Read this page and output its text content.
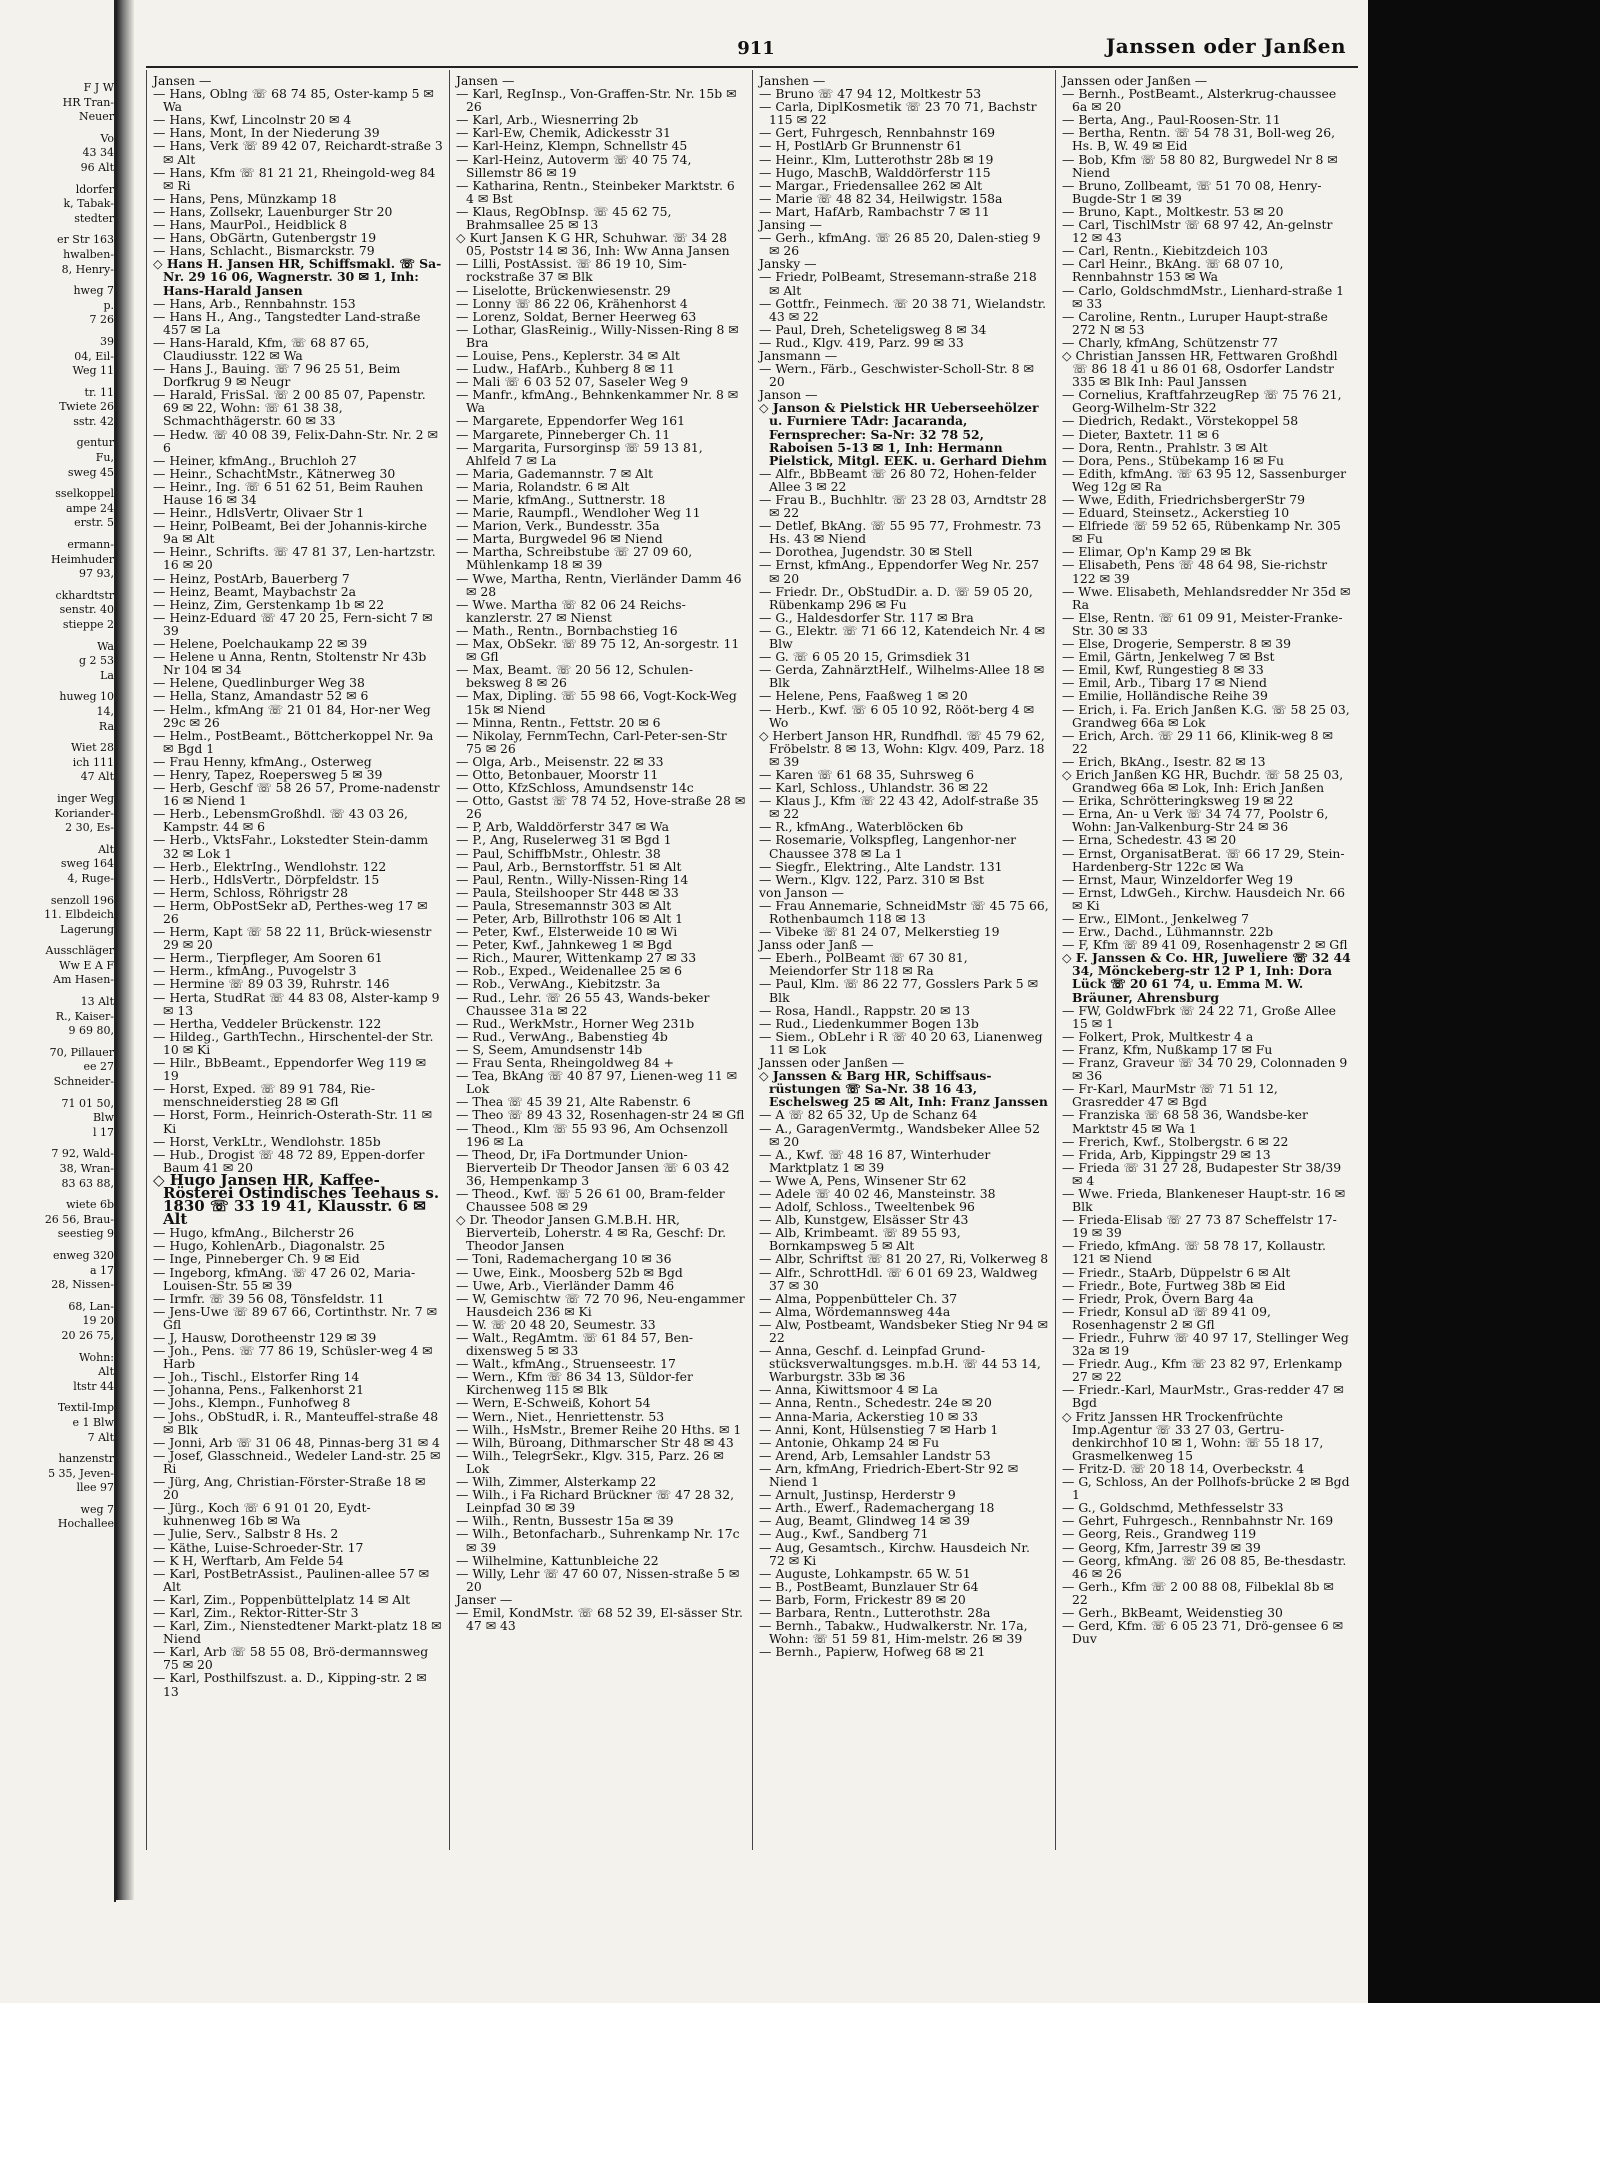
F J W
HR Tran-
Neuer
Vo
43 34
96 Alt
ldorfer
k, Tabak-
stedter
er Str 163
hwalben-
8, Henry-
hweg 7
p.
7 26
39
04, Eil-
Weg 11
tr. 11
Twiete 26
sstr. 42
gentur
Fu,
sweg 45
sselkoppel
ampe 24
erstr. 5
ermann-
Heimhuder
97 93,
ckhardtstr
senstr. 40
stieppe 2
Wa
g 2 53
La
huweg 10
14,
Ra
Wiet 28
ich 111
47 Alt
inger Weg
Koriander-
2 30, Es-
Alt
sweg 164
4, Ruge-
senzoll 196
11. Elbdeich
Lagerung
Ausschläger
Ww E A F
Am Hasen-
13 Alt
R., Kaiser-
9 69 80,
70, Pillauer
ee 27
Schneider-
71 01 50,
Blw
l 17
7 92, Wald-
38, Wran-
83 63 88,
wiete 6b
26 56, Brau-
seestieg 9
enweg 320
a 17
28, Nissen-
68, Lan-
19 20
20 26 75,
Wohn:
Alt
ltstr 44
Textil-Imp
e 1 Blw
7 Alt
hanzenstr
5 35, Jeven-
llee 97
weg 7
Hochallee
911	Janssen oder Janßen

Jansen —

— Hans, Oblng ☏ 68 74 85, Oster-kamp 5 ✉ Wa

— Hans, Kwf, Lincolnstr 20 ✉ 4

— Hans, Mont, In der Niederung 39

— Hans, Verk ☏ 89 42 07, Reichardt-straße 3 ✉ Alt

— Hans, Kfm ☏ 81 21 21, Rheingold-weg 84 ✉ Ri

— Hans, Pens, Münzkamp 18

— Hans, Zollsekr, Lauenburger Str 20

— Hans, MaurPol., Heidblick 8

— Hans, ObGärtn, Gutenbergstr 19

— Hans, Schlacht., Bismarckstr. 79

◇ Hans H. Jansen HR, Schiffsmakl. ☏ Sa-Nr. 29 16 06, Wagnerstr. 30 ✉ 1, Inh: Hans-Harald Jansen

— Hans, Arb., Rennbahnstr. 153

— Hans H., Ang., Tangstedter Land-straße 457 ✉ La

— Hans-Harald, Kfm, ☏ 68 87 65, Claudiusstr. 122 ✉ Wa

— Hans J., Bauing. ☏ 7 96 25 51, Beim Dorfkrug 9 ✉ Neugr

— Harald, FrisSal. ☏ 2 00 85 07, Papenstr. 69 ✉ 22, Wohn: ☏ 61 38 38, Schmachthägerstr. 60 ✉ 33

— Hedw. ☏ 40 08 39, Felix-Dahn-Str. Nr. 2 ✉ 6

— Heiner, kfmAng., Bruchloh 27

— Heinr., SchachtMstr., Kätnerweg 30

— Heinr., Ing. ☏ 6 51 62 51, Beim Rauhen Hause 16 ✉ 34

— Heinr., HdlsVertr, Olivaer Str 1

— Heinr, PolBeamt, Bei der Johannis-kirche 9a ✉ Alt

— Heinr., Schrifts. ☏ 47 81 37, Len-hartzstr. 16 ✉ 20

— Heinz, PostArb, Bauerberg 7

— Heinz, Beamt, Maybachstr 2a

— Heinz, Zim, Gerstenkamp 1b ✉ 22

— Heinz-Eduard ☏ 47 20 25, Fern-sicht 7 ✉ 39

— Helene, Poelchaukamp 22 ✉ 39

— Helene u Anna, Rentn, Stoltenstr Nr 43b Nr 104 ✉ 34

— Helene, Quedlinburger Weg 38

— Hella, Stanz, Amandastr 52 ✉ 6

— Helm., kfmAng ☏ 21 01 84, Hor-ner Weg 29c ✉ 26

— Helm., PostBeamt., Böttcherkoppel Nr. 9a ✉ Bgd 1

— Frau Henny, kfmAng., Osterweg

— Henry, Tapez, Roepersweg 5 ✉ 39

— Herb, Geschf ☏ 58 26 57, Prome-nadenstr 16 ✉ Niend 1

— Herb., LebensmGroßhdl. ☏ 43 03 26, Kampstr. 44 ✉ 6

— Herb., VktsFahr., Lokstedter Stein-damm 32 ✉ Lok 1

— Herb., ElektrIng., Wendlohstr. 122

— Herb., HdlsVertr., Dörpfeldstr. 15

— Herm, Schloss, Röhrigstr 28

— Herm, ObPostSekr aD, Perthes-weg 17 ✉ 26

— Herm, Kapt ☏ 58 22 11, Brück-wiesenstr 29 ✉ 20

— Herm., Tierpfleger, Am Sooren 61

— Herm., kfmAng., Puvogelstr 3

— Hermine ☏ 89 03 39, Ruhrstr. 146

— Herta, StudRat ☏ 44 83 08, Alster-kamp 9 ✉ 13

— Hertha, Veddeler Brückenstr. 122

— Hildeg., GarthTechn., Hirschentel-der Str. 10 ✉ Ki

— Hilr., BbBeamt., Eppendorfer Weg 119 ✉ 19

— Horst, Exped. ☏ 89 91 784, Rie-menschneiderstieg 28 ✉ Gfl

— Horst, Form., Heinrich-Osterath-Str. 11 ✉ Ki

— Horst, VerkLtr., Wendlohstr. 185b

— Hub., Drogist ☏ 48 72 89, Eppen-dorfer Baum 41 ✉ 20

◇ Hugo Jansen HR, Kaffee-Rösterei Ostindisches Teehaus s. 1830 ☏ 33 19 41, Klausstr. 6 ✉ Alt

— Hugo, kfmAng., Bilcherstr 26

— Hugo, KohlenArb., Diagonalstr. 25

— Inge, Pinneberger Ch. 9 ✉ Eid

— Ingeborg, kfmAng. ☏ 47 26 02, Maria-Louisen-Str. 55 ✉ 39

— Irmfr. ☏ 39 56 08, Tönsfeldstr. 11

— Jens-Uwe ☏ 89 67 66, Cortinthstr. Nr. 7 ✉ Gfl

— J, Hausw, Dorotheenstr 129 ✉ 39

— Joh., Pens. ☏ 77 86 19, Schüsler-weg 4 ✉ Harb

— Joh., Tischl., Elstorfer Ring 14

— Johanna, Pens., Falkenhorst 21

— Johs., Klempn., Funhofweg 8

— Johs., ObStudR, i. R., Manteuffel-straße 48 ✉ Blk

— Jonni, Arb ☏ 31 06 48, Pinnas-berg 31 ✉ 4

— Josef, Glasschneid., Wedeler Land-str. 25 ✉ Ri

— Jürg, Ang, Christian-Förster-Straße 18 ✉ 20

— Jürg., Koch ☏ 6 91 01 20, Eydt-kuhnenweg 16b ✉ Wa

— Julie, Serv., Salbstr 8 Hs. 2

— Käthe, Luise-Schroeder-Str. 17

— K H, Werftarb, Am Felde 54

— Karl, PostBetrAssist., Paulinen-allee 57 ✉ Alt

— Karl, Zim., Poppenbüttelplatz 14 ✉ Alt

— Karl, Zim., Rektor-Ritter-Str 3

— Karl, Zim., Nienstedtener Markt-platz 18 ✉ Niend

— Karl, Arb ☏ 58 55 08, Brö-dermannsweg 75 ✉ 20

— Karl, Posthilfszust. a. D., Kipping-str. 2 ✉ 13

Jansen —

— Karl, RegInsp., Von-Graffen-Str. Nr. 15b ✉ 26

— Karl, Arb., Wiesnerring 2b

— Karl-Ew, Chemik, Adickesstr 31

— Karl-Heinz, Klempn, Schnellstr 45

— Karl-Heinz, Autoverm ☏ 40 75 74, Sillemstr 86 ✉ 19

— Katharina, Rentn., Steinbeker Marktstr. 6 4 ✉ Bst

— Klaus, RegObInsp. ☏ 45 62 75, Brahmsallee 25 ✉ 13

◇ Kurt Jansen K G HR, Schuhwar. ☏ 34 28 05, Poststr 14 ✉ 36, Inh: Ww Anna Jansen

— Lilli, PostAssist. ☏ 86 19 10, Sim-rockstraße 37 ✉ Blk

— Liselotte, Brückenwiesenstr. 29

— Lonny ☏ 86 22 06, Krähenhorst 4

— Lorenz, Soldat, Berner Heerweg 63

— Lothar, GlasReinig., Willy-Nissen-Ring 8 ✉ Bra

— Louise, Pens., Keplerstr. 34 ✉ Alt

— Ludw., HafArb., Kuhberg 8 ✉ 11

— Mali ☏ 6 03 52 07, Saseler Weg 9

— Manfr., kfmAng., Behnkenkammer Nr. 8 ✉ Wa

— Margarete, Eppendorfer Weg 161

— Margarete, Pinneberger Ch. 11

— Margarita, Fursorginsp ☏ 59 13 81, Ahlfeld 7 ✉ La

— Maria, Gademannstr. 7 ✉ Alt

— Maria, Rolandstr. 6 ✉ Alt

— Marie, kfmAng., Suttnerstr. 18

— Marie, Raumpfl., Wendloher Weg 11

— Marion, Verk., Bundesstr. 35a

— Marta, Burgwedel 96 ✉ Niend

— Martha, Schreibstube ☏ 27 09 60, Mühlenkamp 18 ✉ 39

— Wwe, Martha, Rentn, Vierländer Damm 46 ✉ 28

— Wwe. Martha ☏ 82 06 24 Reichs-kanzlerstr. 27 ✉ Nienst

— Math., Rentn., Bornbachstieg 16

— Max, ObSekr. ☏ 89 75 12, An-sorgestr. 11 ✉ Gfl

— Max, Beamt. ☏ 20 56 12, Schulen-beksweg 8 ✉ 26

— Max, Dipling. ☏ 55 98 66, Vogt-Kock-Weg 15k ✉ Niend

— Minna, Rentn., Fettstr. 20 ✉ 6

— Nikolay, FernmTechn, Carl-Peter-sen-Str 75 ✉ 26

— Olga, Arb., Meisenstr. 22 ✉ 33

— Otto, Betonbauer, Moorstr 11

— Otto, KfzSchloss, Amundsenstr 14c

— Otto, Gastst ☏ 78 74 52, Hove-straße 28 ✉ 26

— P, Arb, Walddörferstr 347 ✉ Wa

— P., Ang, Ruselerweg 31 ✉ Bgd 1

— Paul, SchiffbMstr., Ohlestr. 38

— Paul, Arb., Bernstorffstr. 51 ✉ Alt

— Paul, Rentn., Willy-Nissen-Ring 14

— Paula, Steilshooper Str 448 ✉ 33

— Paula, Stresemannstr 303 ✉ Alt

— Peter, Arb, Billrothstr 106 ✉ Alt 1

— Peter, Kwf., Elsterweide 10 ✉ Wi

— Peter, Kwf., Jahnkeweg 1 ✉ Bgd

— Rich., Maurer, Wittenkamp 27 ✉ 33

— Rob., Exped., Weidenallee 25 ✉ 6

— Rob., VerwAng., Kiebitzstr. 3a

— Rud., Lehr. ☏ 26 55 43, Wands-beker Chaussee 31a ✉ 22

— Rud., WerkMstr., Horner Weg 231b

— Rud., VerwAng., Babenstieg 4b

— S, Seem, Amundsenstr 14b

— Frau Senta, Rheingoldweg 84 +

— Tea, BkAng ☏ 40 87 97, Lienen-weg 11 ✉ Lok

— Thea ☏ 45 39 21, Alte Rabenstr. 6

— Theo ☏ 89 43 32, Rosenhagen-str 24 ✉ Gfl

— Theod., Klm ☏ 55 93 96, Am Ochsenzoll 196 ✉ La

— Theod, Dr, iFa Dortmunder Union-Bierverteib Dr Theodor Jansen ☏ 6 03 42 36, Hempenkamp 3

— Theod., Kwf. ☏ 5 26 61 00, Bram-felder Chaussee 508 ✉ 29

◇ Dr. Theodor Jansen G.M.B.H. HR, Bierverteib, Loherstr. 4 ✉ Ra, Geschf: Dr. Theodor Jansen

— Toni, Rademachergang 10 ✉ 36

— Uwe, Eink., Moosberg 52b ✉ Bgd

— Uwe, Arb., Vierländer Damm 46

— W, Gemischtw ☏ 72 70 96, Neu-engammer Hausdeich 236 ✉ Ki

— W. ☏ 20 48 20, Seumestr. 33

— Walt., RegAmtm. ☏ 61 84 57, Ben-dixensweg 5 ✉ 33

— Walt., kfmAng., Struenseestr. 17

— Wern., Kfm ☏ 86 34 13, Süldor-fer Kirchenweg 115 ✉ Blk

— Wern, E-Schweiß, Kohort 54

— Wern., Niet., Henriettenstr. 53

— Wilh., HsMstr., Bremer Reihe 20 Hths. ✉ 1

— Wilh, Büroang, Dithmarscher Str 48 ✉ 43

— Wilh., TelegrSekr., Klgv. 315, Parz. 26 ✉ Lok

— Wilh, Zimmer, Alsterkamp 22

— Wilh., i Fa Richard Brückner ☏ 47 28 32, Leinpfad 30 ✉ 39

— Wilh., Rentn, Bussestr 15a ✉ 39

— Wilh., Betonfacharb., Suhrenkamp Nr. 17c ✉ 39

— Wilhelmine, Kattunbleiche 22

— Willy, Lehr ☏ 47 60 07, Nissen-straße 5 ✉ 20

Janser —

— Emil, KondMstr. ☏ 68 52 39, El-sässer Str. 47 ✉ 43

Janshen —

— Bruno ☏ 47 94 12, Moltkestr 53

— Carla, DiplKosmetik ☏ 23 70 71, Bachstr 115 ✉ 22

— Gert, Fuhrgesch, Rennbahnstr 169

— H, PostlArb Gr Brunnenstr 61

— Heinr., Klm, Lutterothstr 28b ✉ 19

— Hugo, MaschB, Walddörferstr 115

— Margar., Friedensallee 262 ✉ Alt

— Marie ☏ 48 82 34, Heilwigstr. 158a

— Mart, HafArb, Rambachstr 7 ✉ 11

Jansing —

— Gerh., kfmAng. ☏ 26 85 20, Dalen-stieg 9 ✉ 26

Jansky —

— Friedr, PolBeamt, Stresemann-straße 218 ✉ Alt

— Gottfr., Feinmech. ☏ 20 38 71, Wielandstr. 43 ✉ 22

— Paul, Dreh, Scheteligsweg 8 ✉ 34

— Rud., Klgv. 419, Parz. 99 ✉ 33

Jansmann —

— Wern., Färb., Geschwister-Scholl-Str. 8 ✉ 20

Janson —

◇ Janson & Pielstick HR Ueberseehölzer u. Furniere TAdr: Jacaranda, Fernsprecher: Sa-Nr: 32 78 52, Raboisen 5-13 ✉ 1, Inh: Hermann Pielstick, Mitgl. EEK. u. Gerhard Diehm

— Alfr., BbBeamt ☏ 26 80 72, Hohen-felder Allee 3 ✉ 22

— Frau B., Buchhltr. ☏ 23 28 03, Arndtstr 28 ✉ 22

— Detlef, BkAng. ☏ 55 95 77, Frohmestr. 73 Hs. 43 ✉ Niend

— Dorothea, Jugendstr. 30 ✉ Stell

— Ernst, kfmAng., Eppendorfer Weg Nr. 257 ✉ 20

— Friedr. Dr., ObStudDir. a. D. ☏ 59 05 20, Rübenkamp 296 ✉ Fu

— G., Haldesdorfer Str. 117 ✉ Bra

— G., Elektr. ☏ 71 66 12, Katendeich Nr. 4 ✉ Blw

— G. ☏ 6 05 20 15, Grimsdiek 31

— Gerda, ZahnärztHelf., Wilhelms-Allee 18 ✉ Blk

— Helene, Pens, Faaßweg 1 ✉ 20

— Herb., Kwf. ☏ 6 05 10 92, Rööt-berg 4 ✉ Wo

◇ Herbert Janson HR, Rundfhdl. ☏ 45 79 62, Fröbelstr. 8 ✉ 13, Wohn: Klgv. 409, Parz. 18 ✉ 39

— Karen ☏ 61 68 35, Suhrsweg 6

— Karl, Schloss., Uhlandstr. 36 ✉ 22

— Klaus J., Kfm ☏ 22 43 42, Adolf-straße 35 ✉ 22

— R., kfmAng., Waterblöcken 6b

— Rosemarie, Volkspfleg, Langenhor-ner Chaussee 378 ✉ La 1

— Siegfr., Elektring., Alte Landstr. 131

— Wern., Klgv. 122, Parz. 310 ✉ Bst

von Janson —

— Frau Annemarie, SchneidMstr ☏ 45 75 66, Rothenbaumch 118 ✉ 13

— Vibeke ☏ 81 24 07, Melkerstieg 19

Janss oder Janß —

— Eberh., PolBeamt ☏ 67 30 81, Meiendorfer Str 118 ✉ Ra

— Paul, Klm. ☏ 86 22 77, Gosslers Park 5 ✉ Blk

— Rosa, Handl., Rappstr. 20 ✉ 13

— Rud., Liedenkummer Bogen 13b

— Siem., ObLehr i R ☏ 40 20 63, Lianenweg 11 ✉ Lok

Janssen oder Janßen —

◇ Janssen & Barg HR, Schiffsaus-rüstungen ☏ Sa-Nr. 38 16 43, Eschelsweg 25 ✉ Alt, Inh: Franz Janssen

— A ☏ 82 65 32, Up de Schanz 64

— A., GaragenVermtg., Wandsbeker Allee 52 ✉ 20

— A., Kwf. ☏ 48 16 87, Winterhuder Marktplatz 1 ✉ 39

— Wwe A, Pens, Winsener Str 62

— Adele ☏ 40 02 46, Mansteinstr. 38

— Adolf, Schloss., Tweeltenbek 96

— Alb, Kunstgew, Elsässer Str 43

— Alb, Krimbeamt. ☏ 89 55 93, Bornkampsweg 5 ✉ Alt

— Albr, Schriftst ☏ 81 20 27, Ri, Volkerweg 8

— Alfr., SchrottHdl. ☏ 6 01 69 23, Waldweg 37 ✉ 30

— Alma, Poppenbütteler Ch. 37

— Alma, Wördemannsweg 44a

— Alw, Postbeamt, Wandsbeker Stieg Nr 94 ✉ 22

— Anna, Geschf. d. Leinpfad Grund-stücksverwaltungsges. m.b.H. ☏ 44 53 14, Warburgstr. 33b ✉ 36

— Anna, Kiwittsmoor 4 ✉ La

— Anna, Rentn., Schedestr. 24e ✉ 20

— Anna-Maria, Ackerstieg 10 ✉ 33

— Anni, Kont, Hülsenstieg 7 ✉ Harb 1

— Antonie, Ohkamp 24 ✉ Fu

— Arend, Arb, Lemsahler Landstr 53

— Arn, kfmAng, Friedrich-Ebert-Str 92 ✉ Niend 1

— Arnult, Justinsp, Herderstr 9

— Arth., Ewerf., Rademachergang 18

— Aug, Beamt, Glindweg 14 ✉ 39

— Aug., Kwf., Sandberg 71

— Aug, Gesamtsch., Kirchw. Hausdeich Nr. 72 ✉ Ki

— Auguste, Lohkampstr. 65 W. 51

— B., PostBeamt, Bunzlauer Str 64

— Barb, Form, Frickestr 89 ✉ 20

— Barbara, Rentn., Lutterothstr. 28a

— Bernh., Tabakw., Hudwalkerstr. Nr. 17a, Wohn: ☏ 51 59 81, Him-melstr. 26 ✉ 39

— Bernh., Papierw, Hofweg 68 ✉ 21

Janssen oder Janßen —

— Bernh., PostBeamt., Alsterkrug-chaussee 6a ✉ 20

— Berta, Ang., Paul-Roosen-Str. 11

— Bertha, Rentn. ☏ 54 78 31, Boll-weg 26, Hs. B, W. 49 ✉ Eid

— Bob, Kfm ☏ 58 80 82, Burgwedel Nr 8 ✉ Niend

— Bruno, Zollbeamt, ☏ 51 70 08, Henry-Bugde-Str 1 ✉ 39

— Bruno, Kapt., Moltkestr. 53 ✉ 20

— Carl, TischlMstr ☏ 68 97 42, An-gelnstr 12 ✉ 43

— Carl, Rentn., Kiebitzdeich 103

— Carl Heinr., BkAng. ☏ 68 07 10, Rennbahnstr 153 ✉ Wa

— Carlo, GoldschmdMstr., Lienhard-straße 1 ✉ 33

— Caroline, Rentn., Luruper Haupt-straße 272 N ✉ 53

— Charly, kfmAng, Schützenstr 77

◇ Christian Janssen HR, Fettwaren Großhdl ☏ 86 18 41 u 86 01 68, Osdorfer Landstr 335 ✉ Blk Inh: Paul Janssen

— Cornelius, KraftfahrzeugRep ☏ 75 76 21, Georg-Wilhelm-Str 322

— Diedrich, Redakt., Vörstekoppel 58

— Dieter, Baxtetr. 11 ✉ 6

— Dora, Rentn., Prahlstr. 3 ✉ Alt

— Dora, Pens., Stübekamp 16 ✉ Fu

— Edith, kfmAng. ☏ 63 95 12, Sassenburger Weg 12g ✉ Ra

— Wwe, Edith, FriedrichsbergerStr 79

— Eduard, Steinsetz., Ackerstieg 10

— Elfriede ☏ 59 52 65, Rübenkamp Nr. 305 ✉ Fu

— Elimar, Op'n Kamp 29 ✉ Bk

— Elisabeth, Pens ☏ 48 64 98, Sie-richstr 122 ✉ 39

— Wwe. Elisabeth, Mehlandsredder Nr 35d ✉ Ra

— Else, Rentn. ☏ 61 09 91, Meister-Franke-Str. 30 ✉ 33

— Else, Drogerie, Semperstr. 8 ✉ 39

— Emil, Gärtn, Jenkelweg 7 ✉ Bst

— Emil, Kwf, Rungestieg 8 ✉ 33

— Emil, Arb., Tibarg 17 ✉ Niend

— Emilie, Holländische Reihe 39

— Erich, i. Fa. Erich Janßen K.G. ☏ 58 25 03, Grandweg 66a ✉ Lok

— Erich, Arch. ☏ 29 11 66, Klinik-weg 8 ✉ 22

— Erich, BkAng., Isestr. 82 ✉ 13

◇ Erich Janßen KG HR, Buchdr. ☏ 58 25 03, Grandweg 66a ✉ Lok, Inh: Erich Janßen

— Erika, Schrötteringksweg 19 ✉ 22

— Erna, An- u Verk ☏ 34 74 77, Poolstr 6, Wohn: Jan-Valkenburg-Str 24 ✉ 36

— Erna, Schedestr. 43 ✉ 20

— Ernst, OrganisatBerat. ☏ 66 17 29, Stein-Hardenberg-Str 122c ✉ Wa

— Ernst, Maur, Winzeldorfer Weg 19

— Ernst, LdwGeh., Kirchw. Hausdeich Nr. 66 ✉ Ki

— Erw., ElMont., Jenkelweg 7

— Erw., Dachd., Lühmannstr. 22b

— F, Kfm ☏ 89 41 09, Rosenhagenstr 2 ✉ Gfl

◇ F. Janssen & Co. HR, Juweliere ☏ 32 44 34, Mönckeberg-str 12 P 1, Inh: Dora Lück ☏ 20 61 74, u. Emma M. W. Bräuner, Ahrensburg

— FW, GoldwFbrk ☏ 24 22 71, Große Allee 15 ✉ 1

— Folkert, Prok, Multkestr 4 a

— Franz, Kfm, Nußkamp 17 ✉ Fu

— Franz, Graveur ☏ 34 70 29, Colonnaden 9 ✉ 36

— Fr-Karl, MaurMstr ☏ 71 51 12, Grasredder 47 ✉ Bgd

— Franziska ☏ 68 58 36, Wandsbe-ker Marktstr 45 ✉ Wa 1

— Frerich, Kwf., Stolbergstr. 6 ✉ 22

— Frida, Arb, Kippingstr 29 ✉ 13

— Frieda ☏ 31 27 28, Budapester Str 38/39 ✉ 4

— Wwe. Frieda, Blankeneser Haupt-str. 16 ✉ Blk

— Frieda-Elisab ☏ 27 73 87 Scheffelstr 17-19 ✉ 39

— Friedo, kfmAng. ☏ 58 78 17, Kollaustr. 121 ✉ Niend

— Friedr., StaArb, Düppelstr 6 ✉ Alt

— Friedr., Bote, Furtweg 38b ✉ Eid

— Friedr, Prok, Övern Barg 4a

— Friedr, Konsul aD ☏ 89 41 09, Rosenhagenstr 2 ✉ Gfl

— Friedr., Fuhrw ☏ 40 97 17, Stellinger Weg 32a ✉ 19

— Friedr. Aug., Kfm ☏ 23 82 97, Erlenkamp 27 ✉ 22

— Friedr.-Karl, MaurMstr., Gras-redder 47 ✉ Bgd

◇ Fritz Janssen HR Trockenfrüchte Imp.Agentur ☏ 33 27 03, Gertru-denkirchhof 10 ✉ 1, Wohn: ☏ 55 18 17, Grasmelkenweg 15

— Fritz-D. ☏ 20 18 14, Overbeckstr. 4

— G, Schloss, An der Pollhofs-brücke 2 ✉ Bgd 1

— G., Goldschmd, Methfesselstr 33

— Gehrt, Fuhrgesch., Rennbahnstr Nr. 169

— Georg, Reis., Grandweg 119

— Georg, Kfm, Jarrestr 39 ✉ 39

— Georg, kfmAng. ☏ 26 08 85, Be-thesdastr. 46 ✉ 26

— Gerh., Kfm ☏ 2 00 88 08, Filbeklal 8b ✉ 22

— Gerh., BkBeamt, Weidenstieg 30

— Gerd, Kfm. ☏ 6 05 23 71, Drö-gensee 6 ✉ Duv
